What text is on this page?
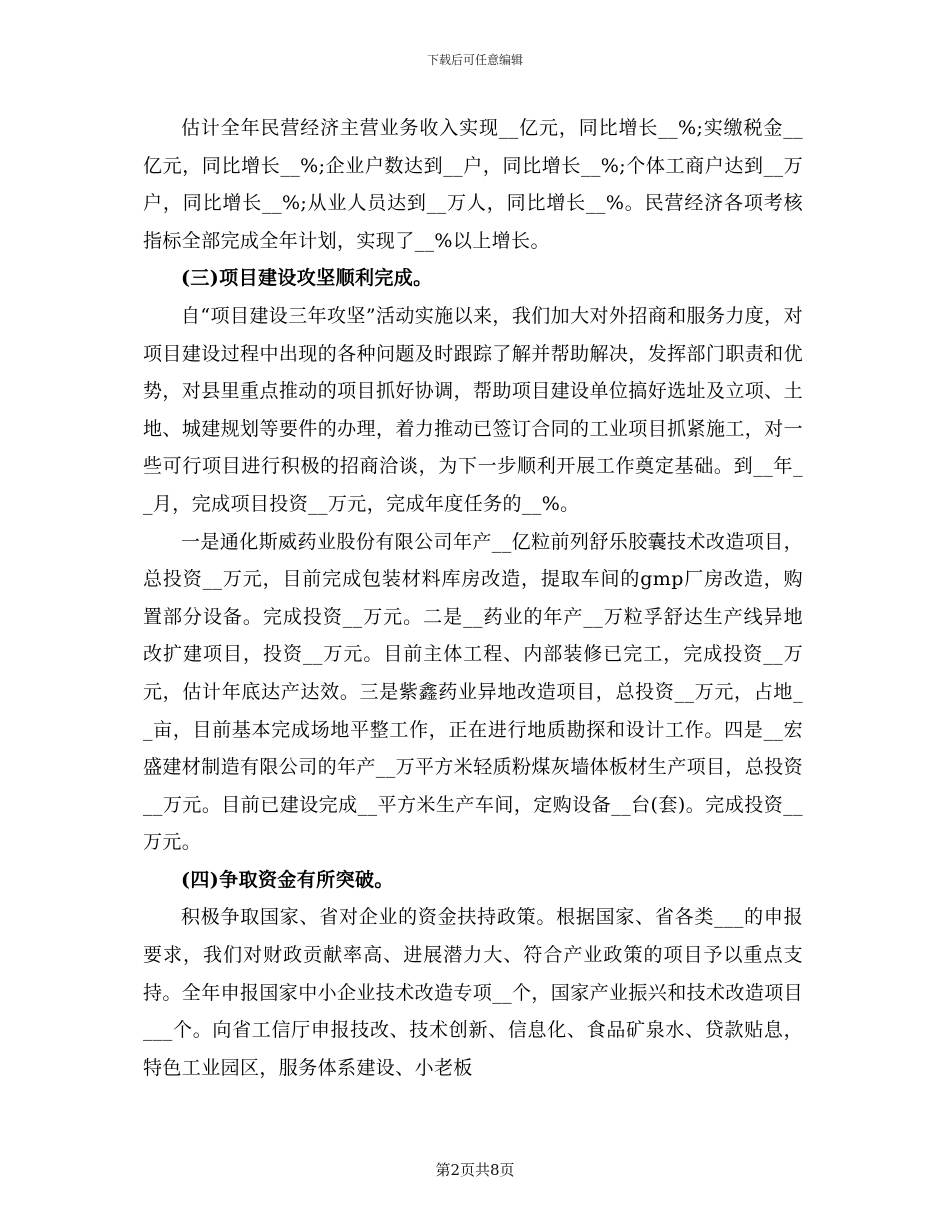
下载后可任意编辑

估计全年民营经济主营业务收入实现__亿元，同比增长__%;实缴税金__亿元，同比增长__%;企业户数达到__户，同比增长__%;个体工商户达到__万户，同比增长__%;从业人员达到__万人，同比增长__%。民营经济各项考核指标全部完成全年计划，实现了__%以上增长。

(三)项目建设攻坚顺利完成。

自“项目建设三年攻坚”活动实施以来，我们加大对外招商和服务力度，对项目建设过程中出现的各种问题及时跟踪了解并帮助解决，发挥部门职责和优势，对县里重点推动的项目抓好协调，帮助项目建设单位搞好选址及立项、土地、城建规划等要件的办理，着力推动已签订合同的工业项目抓紧施工，对一些可行项目进行积极的招商洽谈，为下一步顺利开展工作奠定基础。到__年__月，完成项目投资__万元，完成年度任务的__%。

一是通化斯威药业股份有限公司年产__亿粒前列舒乐胶囊技术改造项目，总投资__万元，目前完成包装材料库房改造，提取车间的gmp厂房改造，购置部分设备。完成投资__万元。二是__药业的年产__万粒孚舒达生产线异地改扩建项目，投资__万元。目前主体工程、内部装修已完工，完成投资__万元，估计年底达产达效。三是紫鑫药业异地改造项目，总投资__万元，占地__亩，目前基本完成场地平整工作，正在进行地质勘探和设计工作。四是__宏盛建材制造有限公司的年产__万平方米轻质粉煤灰墙体板材生产项目，总投资__万元。目前已建设完成__平方米生产车间，定购设备__台(套)。完成投资__万元。

(四)争取资金有所突破。

积极争取国家、省对企业的资金扶持政策。根据国家、省各类___的申报要求，我们对财政贡献率高、进展潜力大、符合产业政策的项目予以重点支持。全年申报国家中小企业技术改造专项__个，国家产业振兴和技术改造项目___个。向省工信厅申报技改、技术创新、信息化、食品矿泉水、贷款贴息，特色工业园区，服务体系建设、小老板

第2页共8页
